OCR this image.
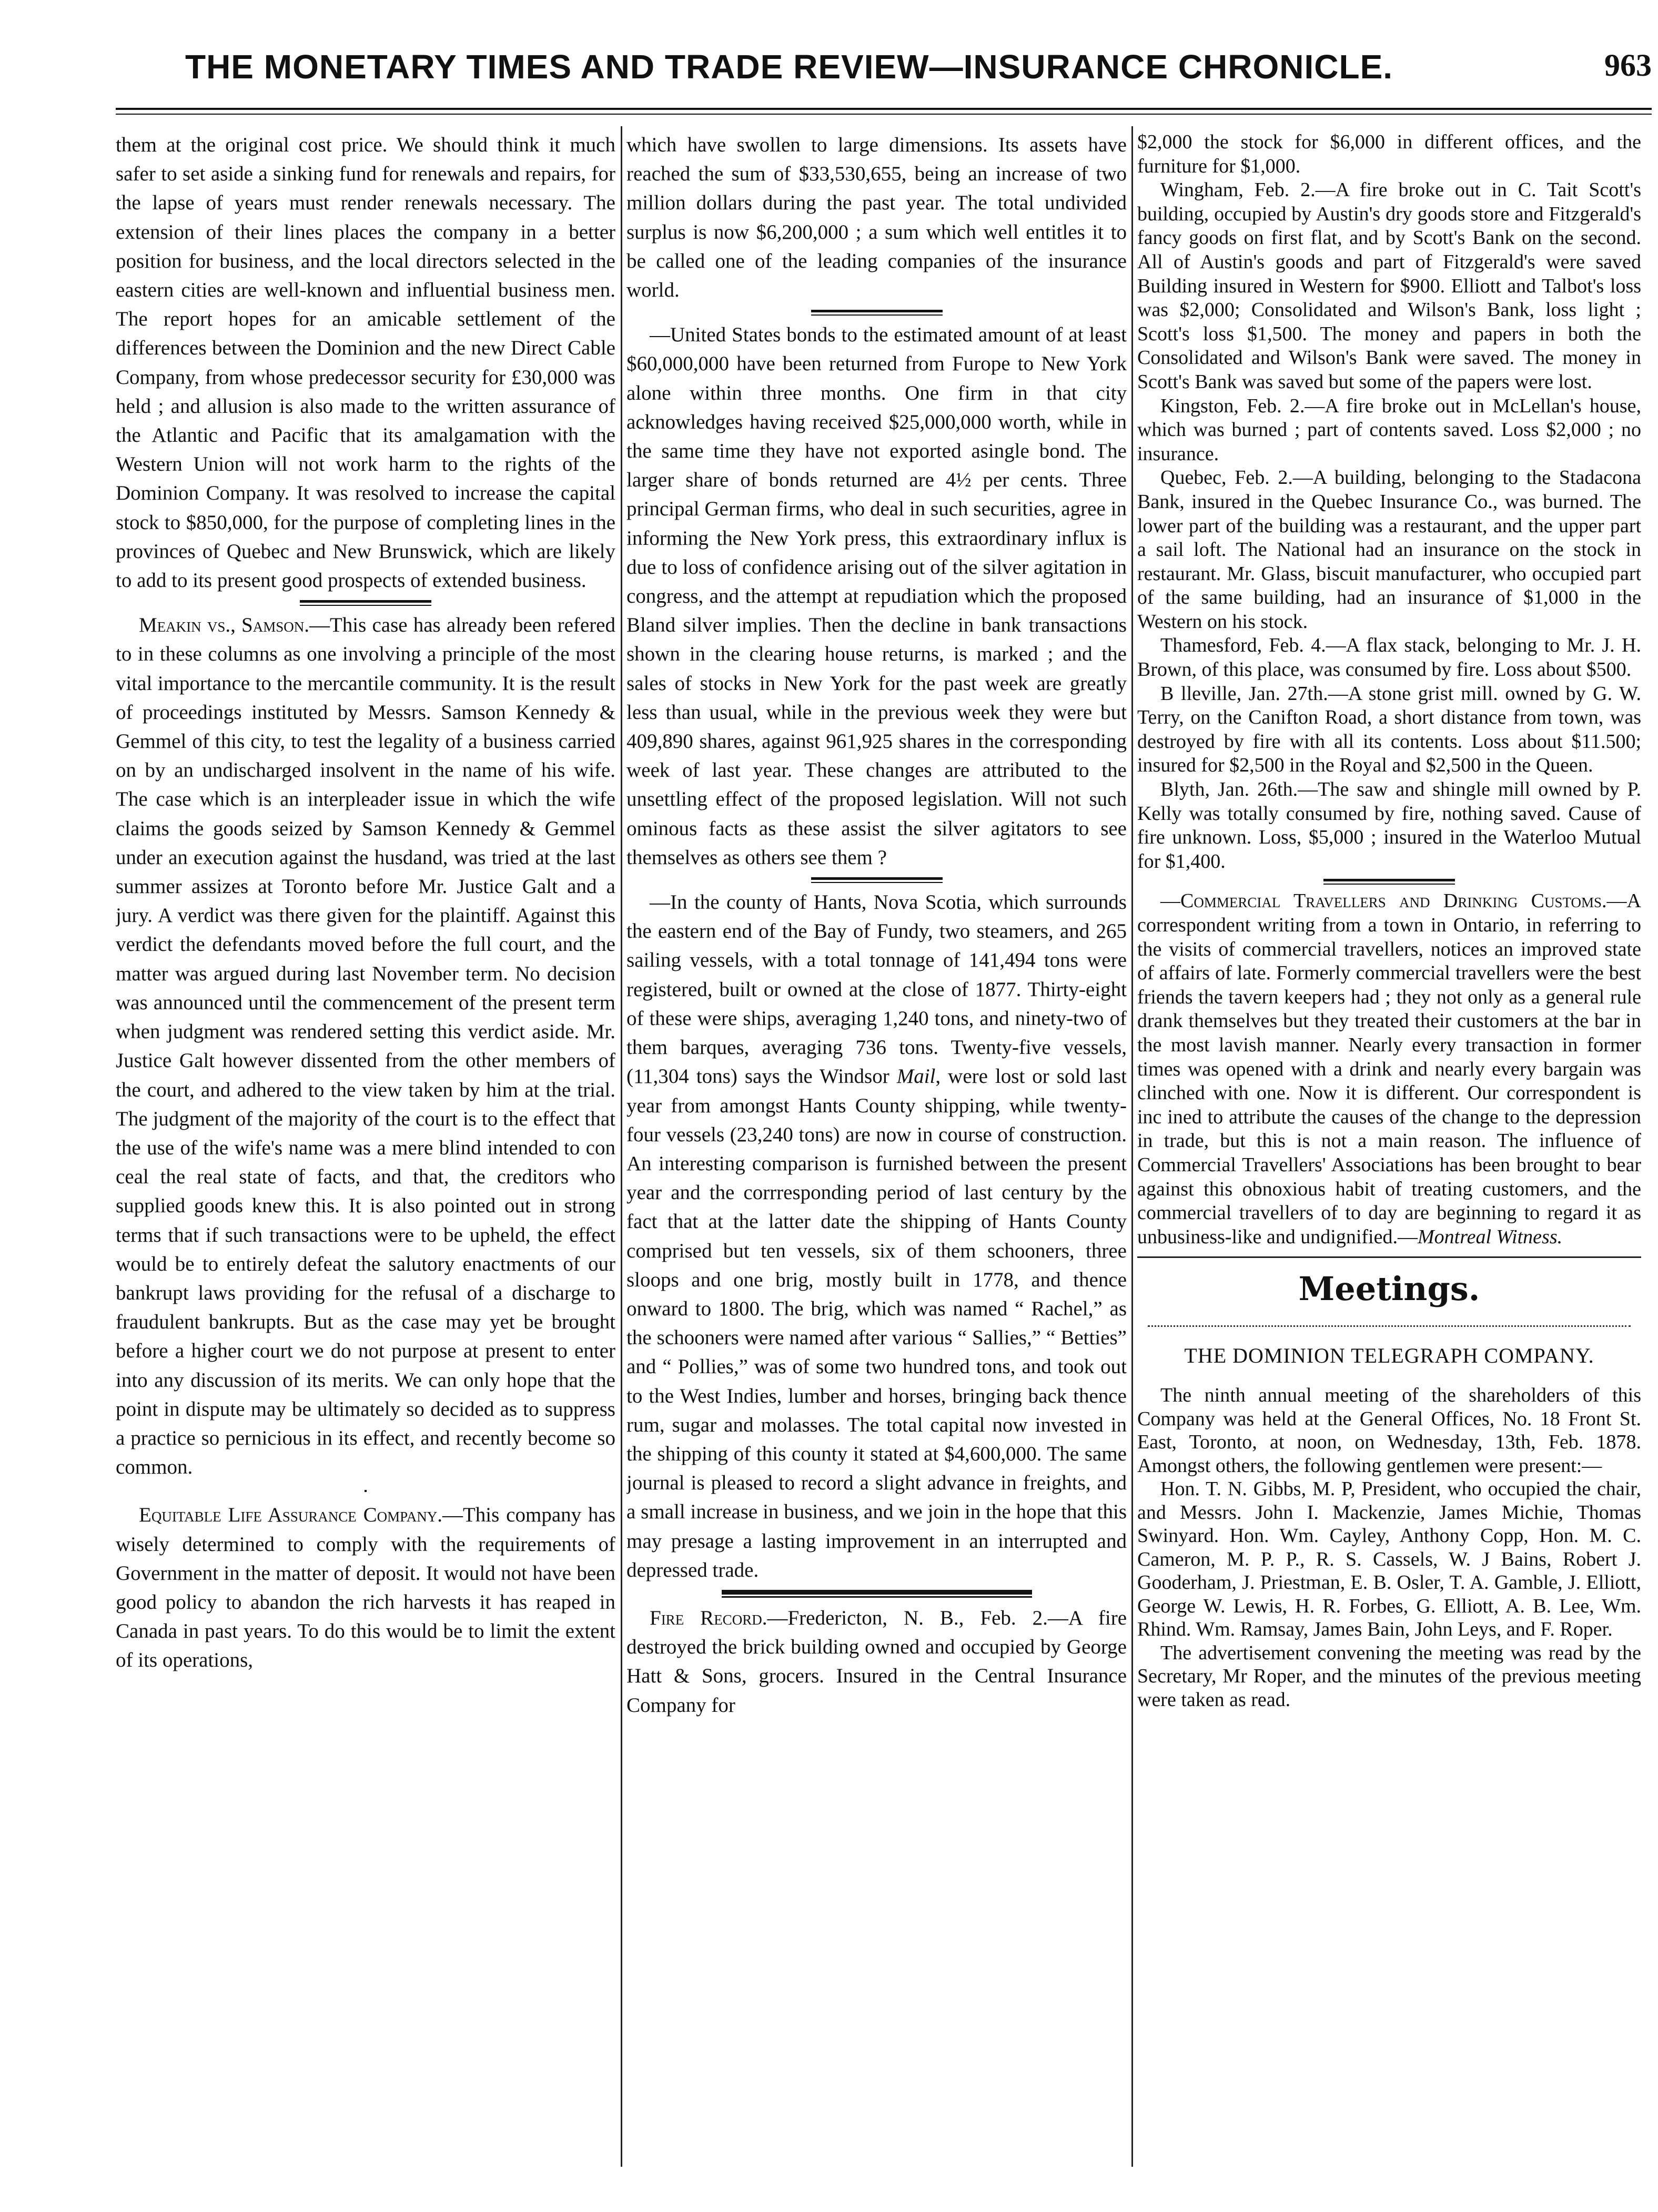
THE MONETARY TIMES AND TRADE REVIEW—INSURANCE CHRONICLE.	963

them at the original cost price. We should think it much safer to set aside a sinking fund for renewals and repairs, for the lapse of years must render renewals necessary. The extension of their lines places the company in a better position for business, and the local directors selected in the eastern cities are well-known and influential business men. The report hopes for an amicable settlement of the differences between the Dominion and the new Direct Cable Company, from whose predecessor security for £30,000 was held ; and allusion is also made to the written assurance of the Atlantic and Pacific that its amalgamation with the Western Union will not work harm to the rights of the Dominion Company. It was resolved to increase the capital stock to $850,000, for the purpose of completing lines in the provinces of Quebec and New Brunswick, which are likely to add to its present good prospects of extended business.

Meakin vs., Samson.—This case has already been refered to in these columns as one involving a principle of the most vital importance to the mercantile community. It is the result of proceedings instituted by Messrs. Samson Kennedy & Gemmel of this city, to test the legality of a business carried on by an undischarged insolvent in the name of his wife. The case which is an interpleader issue in which the wife claims the goods seized by Samson Kennedy & Gemmel under an execution against the husdand, was tried at the last summer assizes at Toronto before Mr. Justice Galt and a jury. A verdict was there given for the plaintiff. Against this verdict the defendants moved before the full court, and the matter was argued during last November term. No decision was announced until the commencement of the present term when judgment was rendered setting this verdict aside. Mr. Justice Galt however dissented from the other members of the court, and adhered to the view taken by him at the trial. The judgment of the majority of the court is to the effect that the use of the wife's name was a mere blind intended to con ceal the real state of facts, and that, the creditors who supplied goods knew this. It is also pointed out in strong terms that if such transactions were to be upheld, the effect would be to entirely defeat the salutory enactments of our bankrupt laws providing for the refusal of a discharge to fraudulent bankrupts. But as the case may yet be brought before a higher court we do not purpose at present to enter into any discussion of its merits. We can only hope that the point in dispute may be ultimately so decided as to suppress a practice so pernicious in its effect, and recently become so common.

Equitable Life Assurance Company.—This company has wisely determined to comply with the requirements of Government in the matter of deposit. It would not have been good policy to abandon the rich harvests it has reaped in Canada in past years. To do this would be to limit the extent of its operations,

which have swollen to large dimensions. Its assets have reached the sum of $33,530,655, being an increase of two million dollars during the past year. The total undivided surplus is now $6,200,000 ; a sum which well entitles it to be called one of the leading companies of the insurance world.

—United States bonds to the estimated amount of at least $60,000,000 have been returned from Furope to New York alone within three months. One firm in that city acknowledges having received $25,000,000 worth, while in the same time they have not exported asingle bond. The larger share of bonds returned are 4½ per cents. Three principal German firms, who deal in such securities, agree in informing the New York press, this extraordinary influx is due to loss of confidence arising out of the silver agitation in congress, and the attempt at repudiation which the proposed Bland silver implies. Then the decline in bank transactions shown in the clearing house returns, is marked ; and the sales of stocks in New York for the past week are greatly less than usual, while in the previous week they were but 409,890 shares, against 961,925 shares in the corresponding week of last year. These changes are attributed to the unsettling effect of the proposed legislation. Will not such ominous facts as these assist the silver agitators to see themselves as others see them ?

—In the county of Hants, Nova Scotia, which surrounds the eastern end of the Bay of Fundy, two steamers, and 265 sailing vessels, with a total tonnage of 141,494 tons were registered, built or owned at the close of 1877. Thirty-eight of these were ships, averaging 1,240 tons, and ninety-two of them barques, averaging 736 tons. Twenty-five vessels, (11,304 tons) says the Windsor Mail, were lost or sold last year from amongst Hants County shipping, while twenty-four vessels (23,240 tons) are now in course of construction. An interesting comparison is furnished between the present year and the corrresponding period of last century by the fact that at the latter date the shipping of Hants County comprised but ten vessels, six of them schooners, three sloops and one brig, mostly built in 1778, and thence onward to 1800. The brig, which was named “ Rachel,” as the schooners were named after various “ Sallies,” “ Betties” and “ Pollies,” was of some two hundred tons, and took out to the West Indies, lumber and horses, bringing back thence rum, sugar and molasses. The total capital now invested in the shipping of this county it stated at $4,600,000. The same journal is pleased to record a slight advance in freights, and a small increase in business, and we join in the hope that this may presage a lasting improvement in an interrupted and depressed trade.

Fire Record.—Fredericton, N. B., Feb. 2.—A fire destroyed the brick building owned and occupied by George Hatt & Sons, grocers. Insured in the Central Insurance Company for

$2,000 the stock for $6,000 in different offices, and the furniture for $1,000.

Wingham, Feb. 2.—A fire broke out in C. Tait Scott's building, occupied by Austin's dry goods store and Fitzgerald's fancy goods on first flat, and by Scott's Bank on the second. All of Austin's goods and part of Fitzgerald's were saved Building insured in Western for $900. Elliott and Talbot's loss was $2,000; Consolidated and Wilson's Bank, loss light ; Scott's loss $1,500. The money and papers in both the Consolidated and Wilson's Bank were saved. The money in Scott's Bank was saved but some of the papers were lost.

Kingston, Feb. 2.—A fire broke out in McLellan's house, which was burned ; part of contents saved. Loss $2,000 ; no insurance.

Quebec, Feb. 2.—A building, belonging to the Stadacona Bank, insured in the Quebec Insurance Co., was burned. The lower part of the building was a restaurant, and the upper part a sail loft. The National had an insurance on the stock in restaurant. Mr. Glass, biscuit manufacturer, who occupied part of the same building, had an insurance of $1,000 in the Western on his stock.

Thamesford, Feb. 4.—A flax stack, belonging to Mr. J. H. Brown, of this place, was consumed by fire. Loss about $500.

B lleville, Jan. 27th.—A stone grist mill. owned by G. W. Terry, on the Canifton Road, a short distance from town, was destroyed by fire with all its contents. Loss about $11.500; insured for $2,500 in the Royal and $2,500 in the Queen.

Blyth, Jan. 26th.—The saw and shingle mill owned by P. Kelly was totally consumed by fire, nothing saved. Cause of fire unknown. Loss, $5,000 ; insured in the Waterloo Mutual for $1,400.

—Commercial Travellers and Drinking Customs.—A correspondent writing from a town in Ontario, in referring to the visits of commercial travellers, notices an improved state of affairs of late. Formerly commercial travellers were the best friends the tavern keepers had ; they not only as a general rule drank themselves but they treated their customers at the bar in the most lavish manner. Nearly every transaction in former times was opened with a drink and nearly every bargain was clinched with one. Now it is different. Our correspondent is inc ined to attribute the causes of the change to the depression in trade, but this is not a main reason. The influence of Commercial Travellers' Associations has been brought to bear against this obnoxious habit of treating customers, and the commercial travellers of to day are beginning to regard it as unbusiness-like and undignified.—Montreal Witness.

Meetings.
THE DOMINION TELEGRAPH COMPANY.

The ninth annual meeting of the shareholders of this Company was held at the General Offices, No. 18 Front St. East, Toronto, at noon, on Wednesday, 13th, Feb. 1878. Amongst others, the following gentlemen were present:—

Hon. T. N. Gibbs, M. P, President, who occupied the chair, and Messrs. John I. Mackenzie, James Michie, Thomas Swinyard. Hon. Wm. Cayley, Anthony Copp, Hon. M. C. Cameron, M. P. P., R. S. Cassels, W. J Bains, Robert J. Gooderham, J. Priestman, E. B. Osler, T. A. Gamble, J. Elliott, George W. Lewis, H. R. Forbes, G. Elliott, A. B. Lee, Wm. Rhind. Wm. Ramsay, James Bain, John Leys, and F. Roper.

The advertisement convening the meeting was read by the Secretary, Mr Roper, and the minutes of the previous meeting were taken as read.
